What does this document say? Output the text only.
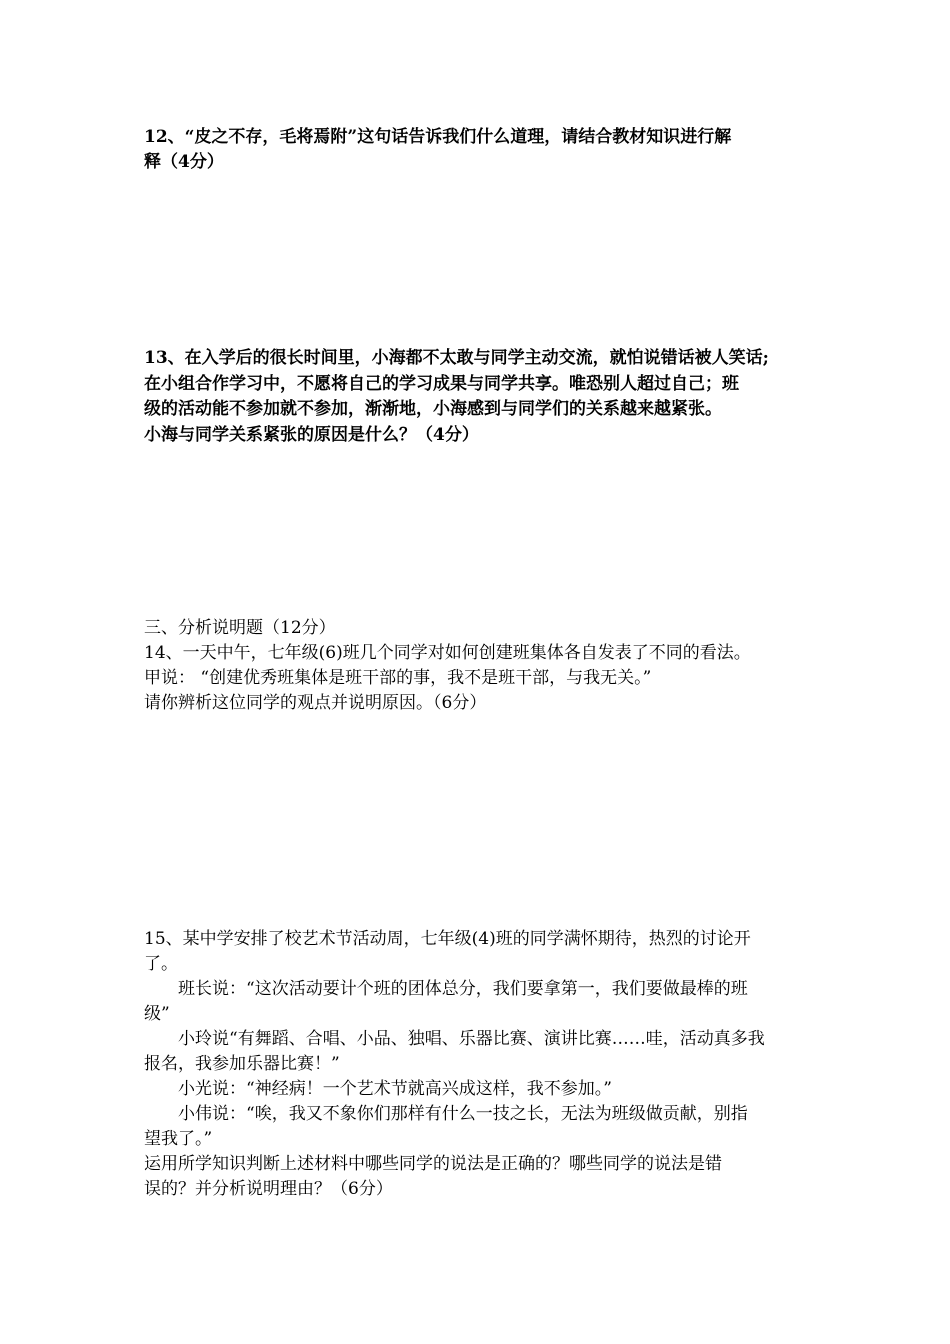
12、“皮之不存，毛将焉附”这句话告诉我们什么道理，请结合教材知识进行解
释（4分）
13、在入学后的很长时间里，小海都不太敢与同学主动交流，就怕说错话被人笑话;
在小组合作学习中，不愿将自己的学习成果与同学共享。唯恐别人超过自己；班
级的活动能不参加就不参加，渐渐地，小海感到与同学们的关系越来越紧张。
小海与同学关系紧张的原因是什么？（4分）
三、分析说明题（12分）
14、一天中午，七年级(6)班几个同学对如何创建班集体各自发表了不同的看法。
甲说： “创建优秀班集体是班干部的事，我不是班干部，与我无关。”
请你辨析这位同学的观点并说明原因。（6分）
15、某中学安排了校艺术节活动周，七年级(4)班的同学满怀期待，热烈的讨论开
了。
班长说：“这次活动要计个班的团体总分，我们要拿第一，我们要做最棒的班
级”
小玲说“有舞蹈、合唱、小品、独唱、乐器比赛、演讲比赛……哇，活动真多我
报名，我参加乐器比赛！”
小光说：“神经病！一个艺术节就高兴成这样，我不参加。”
小伟说：“唉，我又不象你们那样有什么一技之长，无法为班级做贡献，别指
望我了。”
运用所学知识判断上述材料中哪些同学的说法是正确的？哪些同学的说法是错
误的？并分析说明理由？（6分）
